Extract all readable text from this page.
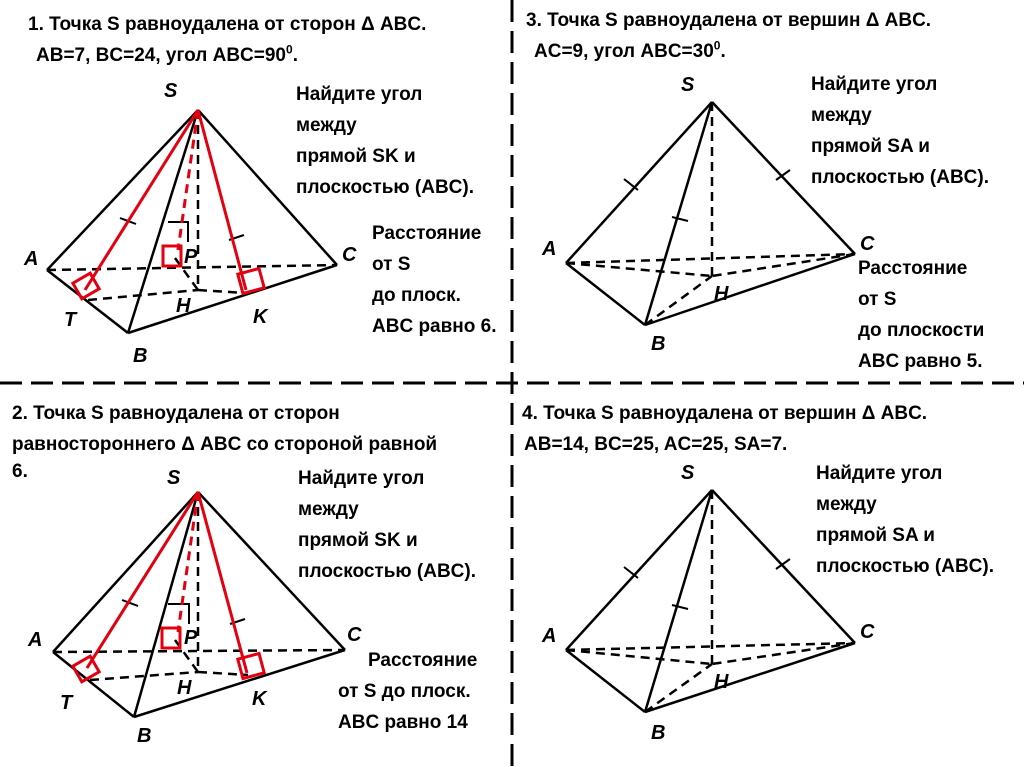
1. Точка S равноудалена от сторон Δ ABC.
AB=7, BC=24, угол $ABC=90^0$.
Найдите угол
между
прямой SK и
плоскостью (ABC).
Расстояние
от S
до плоск.
ABC равно 6.
S
A
B
C
T
P
H	K
2. Точка S равноудалена от сторон
равностороннего Δ ABC со стороной равной
6.	Найдите угол
между
прямой SK и
плоскостью (ABC).
Расстояние
от S до плоск.
ABC равно 14
S
A
B
C
T
P
H	K
3. Точка S равноудалена от вершин Δ ABC.
AC=9, угол $ABC=30^0$.
Найдите угол
между
прямой SA и
плоскостью (ABC).
Расстояние
от S
до плоскости
ABC равно 5.
S
A
B
C
H
4. Точка S равноудалена от вершин Δ ABC.
AB=14, BC=25, AC=25, SA=7.
Найдите угол
между
прямой SA и
плоскостью (ABC).
S
A
B
C
H
